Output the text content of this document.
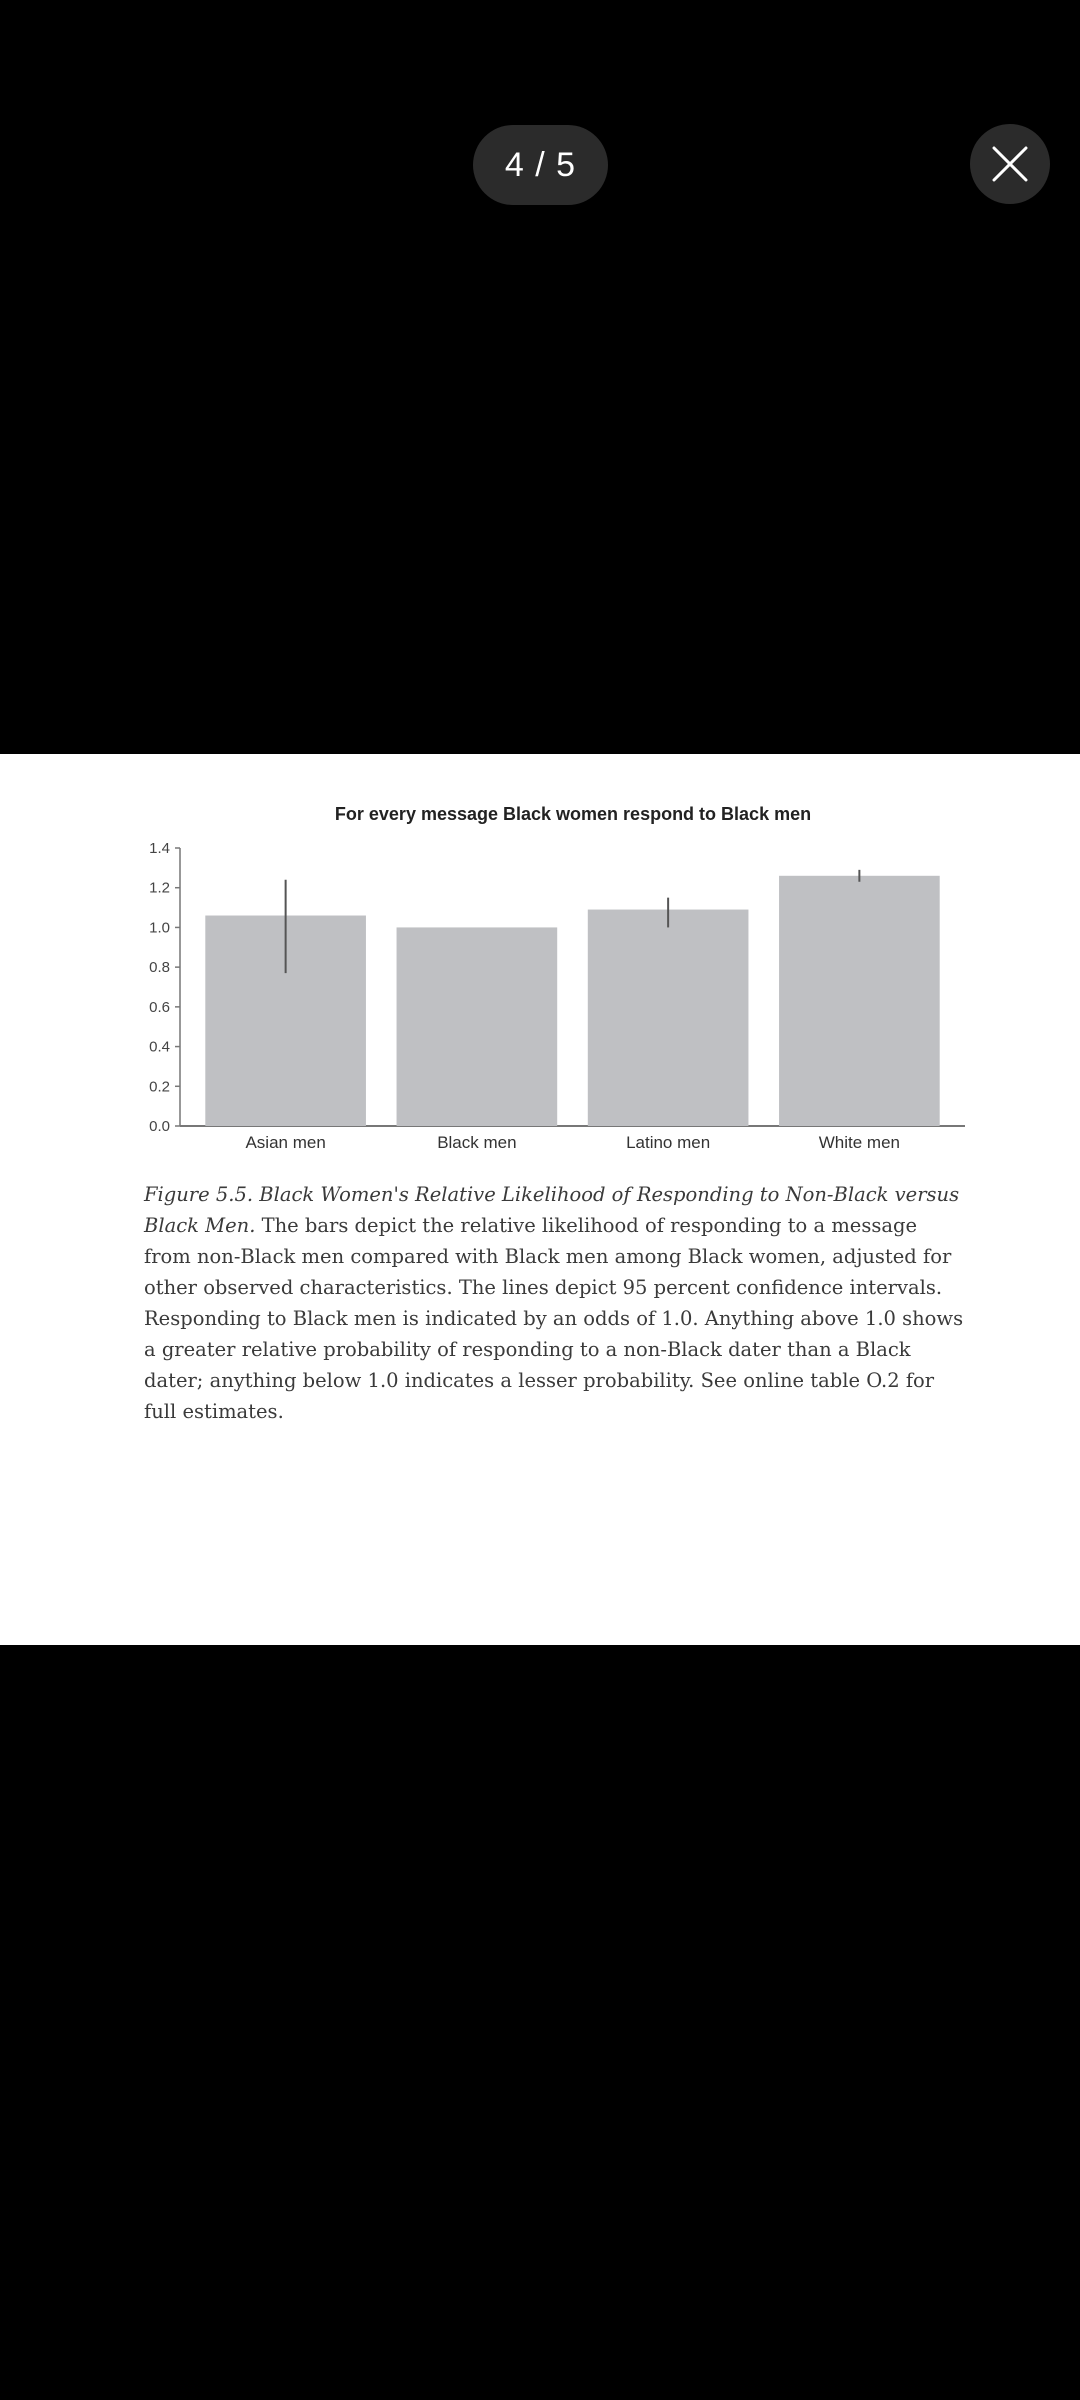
4 / 5
For every message Black women respond to Black men
0.0
0.2
0.4
0.6
0.8
1.0
1.2
1.4
Asian men	Black men	Latino men	White men
Figure 5.5. Black Women's Relative Likelihood of Responding to Non-Black versus Black Men. The bars depict the relative likelihood of responding to a message from non-Black men compared with Black men among Black women, adjusted for other observed characteristics. The lines depict 95 percent confidence intervals. Responding to Black men is indicated by an odds of 1.0. Anything above 1.0 shows a greater relative probability of responding to a non-Black dater than a Black dater; anything below 1.0 indicates a lesser probability. See online table O.2 for full estimates.
